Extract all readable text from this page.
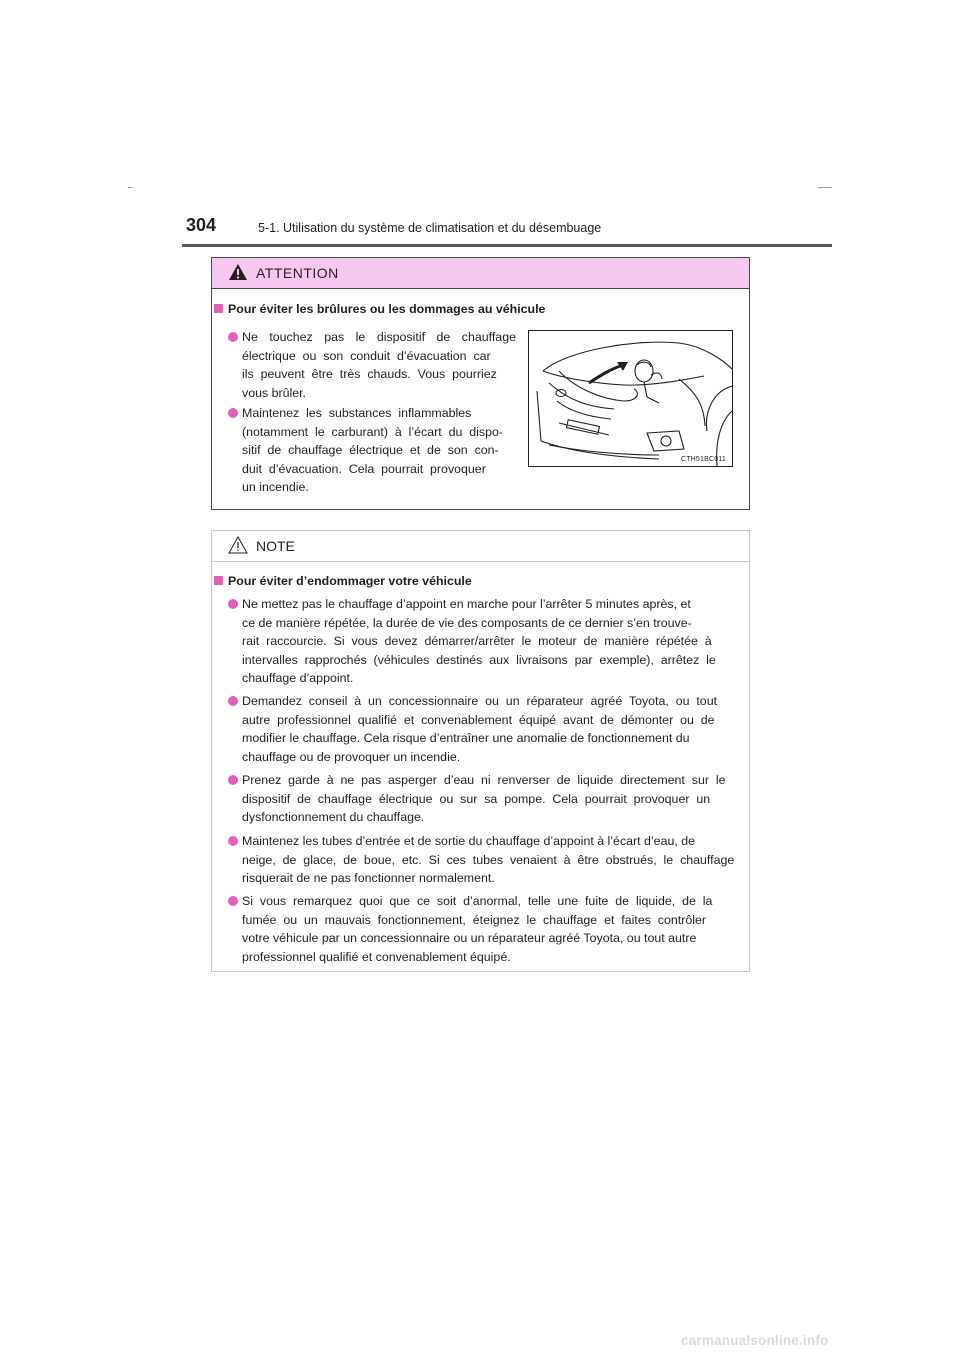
304	5-1. Utilisation du système de climatisation et du désembuage
ATTENTION
Pour éviter les brûlures ou les dommages au véhicule
Ne  touchez  pas  le  dispositif  de  chauffage
électrique  ou  son  conduit  d’évacuation  car
ils  peuvent  être  très  chauds.  Vous  pourriez
vous brûler.
Maintenez  les  substances  inflammables
(notamment  le  carburant)  à  l’écart  du  dispo-
sitif  de  chauffage  électrique  et  de  son  con-
duit  d’évacuation.  Cela  pourrait  provoquer
un incendie.
CTH51BC011
NOTE
Pour éviter d’endommager votre véhicule
Ne mettez pas le chauffage d’appoint en marche pour l’arrêter 5 minutes après, et
ce de manière répétée, la durée de vie des composants de ce dernier s’en trouve-
rait  raccourcie.  Si  vous  devez  démarrer/arrêter  le  moteur  de  manière  répétée  à
intervalles  rapprochés  (véhicules  destinés  aux  livraisons  par  exemple),  arrêtez  le
chauffage d’appoint.
Demandez  conseil  à  un  concessionnaire  ou  un  réparateur  agréé  Toyota,  ou  tout
autre  professionnel  qualifié  et  convenablement  équipé  avant  de  démonter  ou  de
modifier le chauffage. Cela risque d’entraîner une anomalie de fonctionnement du
chauffage ou de provoquer un incendie.
Prenez  garde  à  ne  pas  asperger  d’eau  ni  renverser  de  liquide  directement  sur  le
dispositif  de  chauffage  électrique  ou  sur  sa  pompe.  Cela  pourrait  provoquer  un
dysfonctionnement du chauffage.
Maintenez les tubes d’entrée et de sortie du chauffage d’appoint à l’écart d’eau, de
neige,  de  glace,  de  boue,  etc.  Si  ces  tubes  venaient  à  être  obstrués,  le  chauffage
risquerait de ne pas fonctionner normalement.
Si  vous  remarquez  quoi  que  ce  soit  d’anormal,  telle  une  fuite  de  liquide,  de  la
fumée  ou  un  mauvais  fonctionnement,  éteignez  le  chauffage  et  faites  contrôler
votre véhicule par un concessionnaire ou un réparateur agréé Toyota, ou tout autre
professionnel qualifié et convenablement équipé.
carmanualsonline.info
